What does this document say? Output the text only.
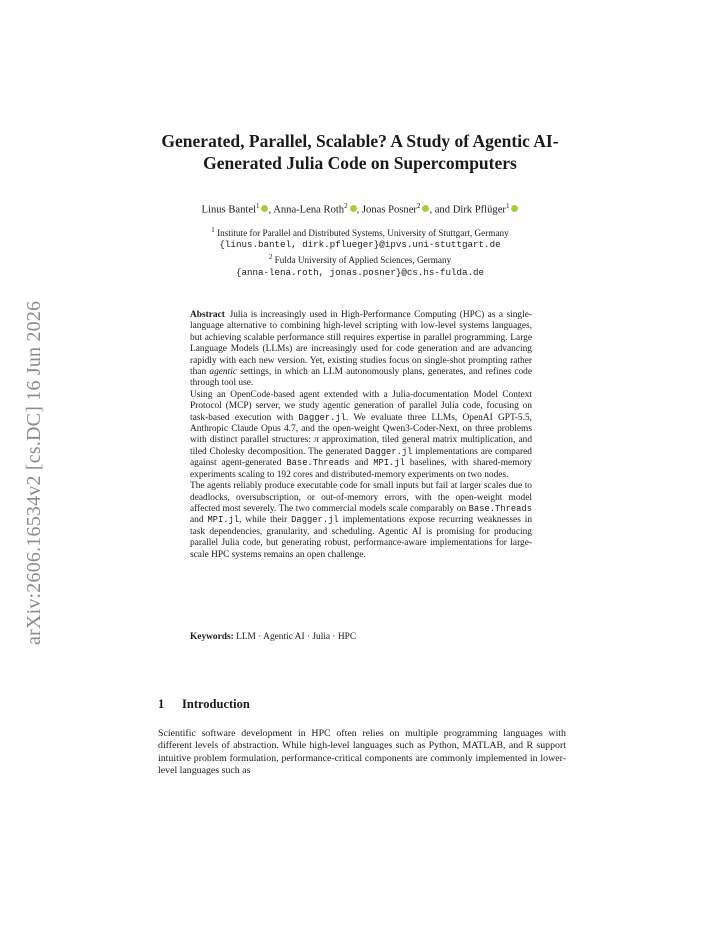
arXiv:2606.16534v2 [cs.DC] 16 Jun 2026
Generated, Parallel, Scalable? A Study of Agentic AI-Generated Julia Code on Supercomputers
Linus Bantel$^1$ , Anna-Lena Roth$^2$ , Jonas Posner$^2$ , and Dirk Pflüger$^1$
$^1$ Institute for Parallel and Distributed Systems, University of Stuttgart, Germany
{linus.bantel, dirk.pflueger}@ipvs.uni-stuttgart.de
$^2$ Fulda University of Applied Sciences, Germany
{anna-lena.roth, jonas.posner}@cs.hs-fulda.de

Abstract  Julia is increasingly used in High-Performance Computing (HPC) as a single-language alternative to combining high-level scripting with low-level systems languages, but achieving scalable performance still requires expertise in parallel programming. Large Language Models (LLMs) are increasingly used for code generation and are advancing rapidly with each new version. Yet, existing studies focus on single-shot prompting rather than agentic settings, in which an LLM autonomously plans, generates, and refines code through tool use.

Using an OpenCode-based agent extended with a Julia-documentation Model Context Protocol (MCP) server, we study agentic generation of parallel Julia code, focusing on task-based execution with Dagger.jl. We evaluate three LLMs, OpenAI GPT-5.5, Anthropic Claude Opus 4.7, and the open-weight Qwen3-Coder-Next, on three problems with distinct parallel structures: π approximation, tiled general matrix multiplication, and tiled Cholesky decomposition. The generated Dagger.jl implementations are compared against agent-generated Base.Threads and MPI.jl baselines, with shared-memory experiments scaling to 192 cores and distributed-memory experiments on two nodes.

The agents reliably produce executable code for small inputs but fail at larger scales due to deadlocks, oversubscription, or out-of-memory errors, with the open-weight model affected most severely. The two commercial models scale comparably on Base.Threads and MPI.jl, while their Dagger.jl implementations expose recurring weaknesses in task dependencies, granularity, and scheduling. Agentic AI is promising for producing parallel Julia code, but generating robust, performance-aware implementations for large-scale HPC systems remains an open challenge.

Keywords: LLM · Agentic AI · Julia · HPC
1 Introduction

Scientific software development in HPC often relies on multiple programming languages with different levels of abstraction. While high-level languages such as Python, MATLAB, and R support intuitive problem formulation, performance-critical components are commonly implemented in lower-level languages such as
